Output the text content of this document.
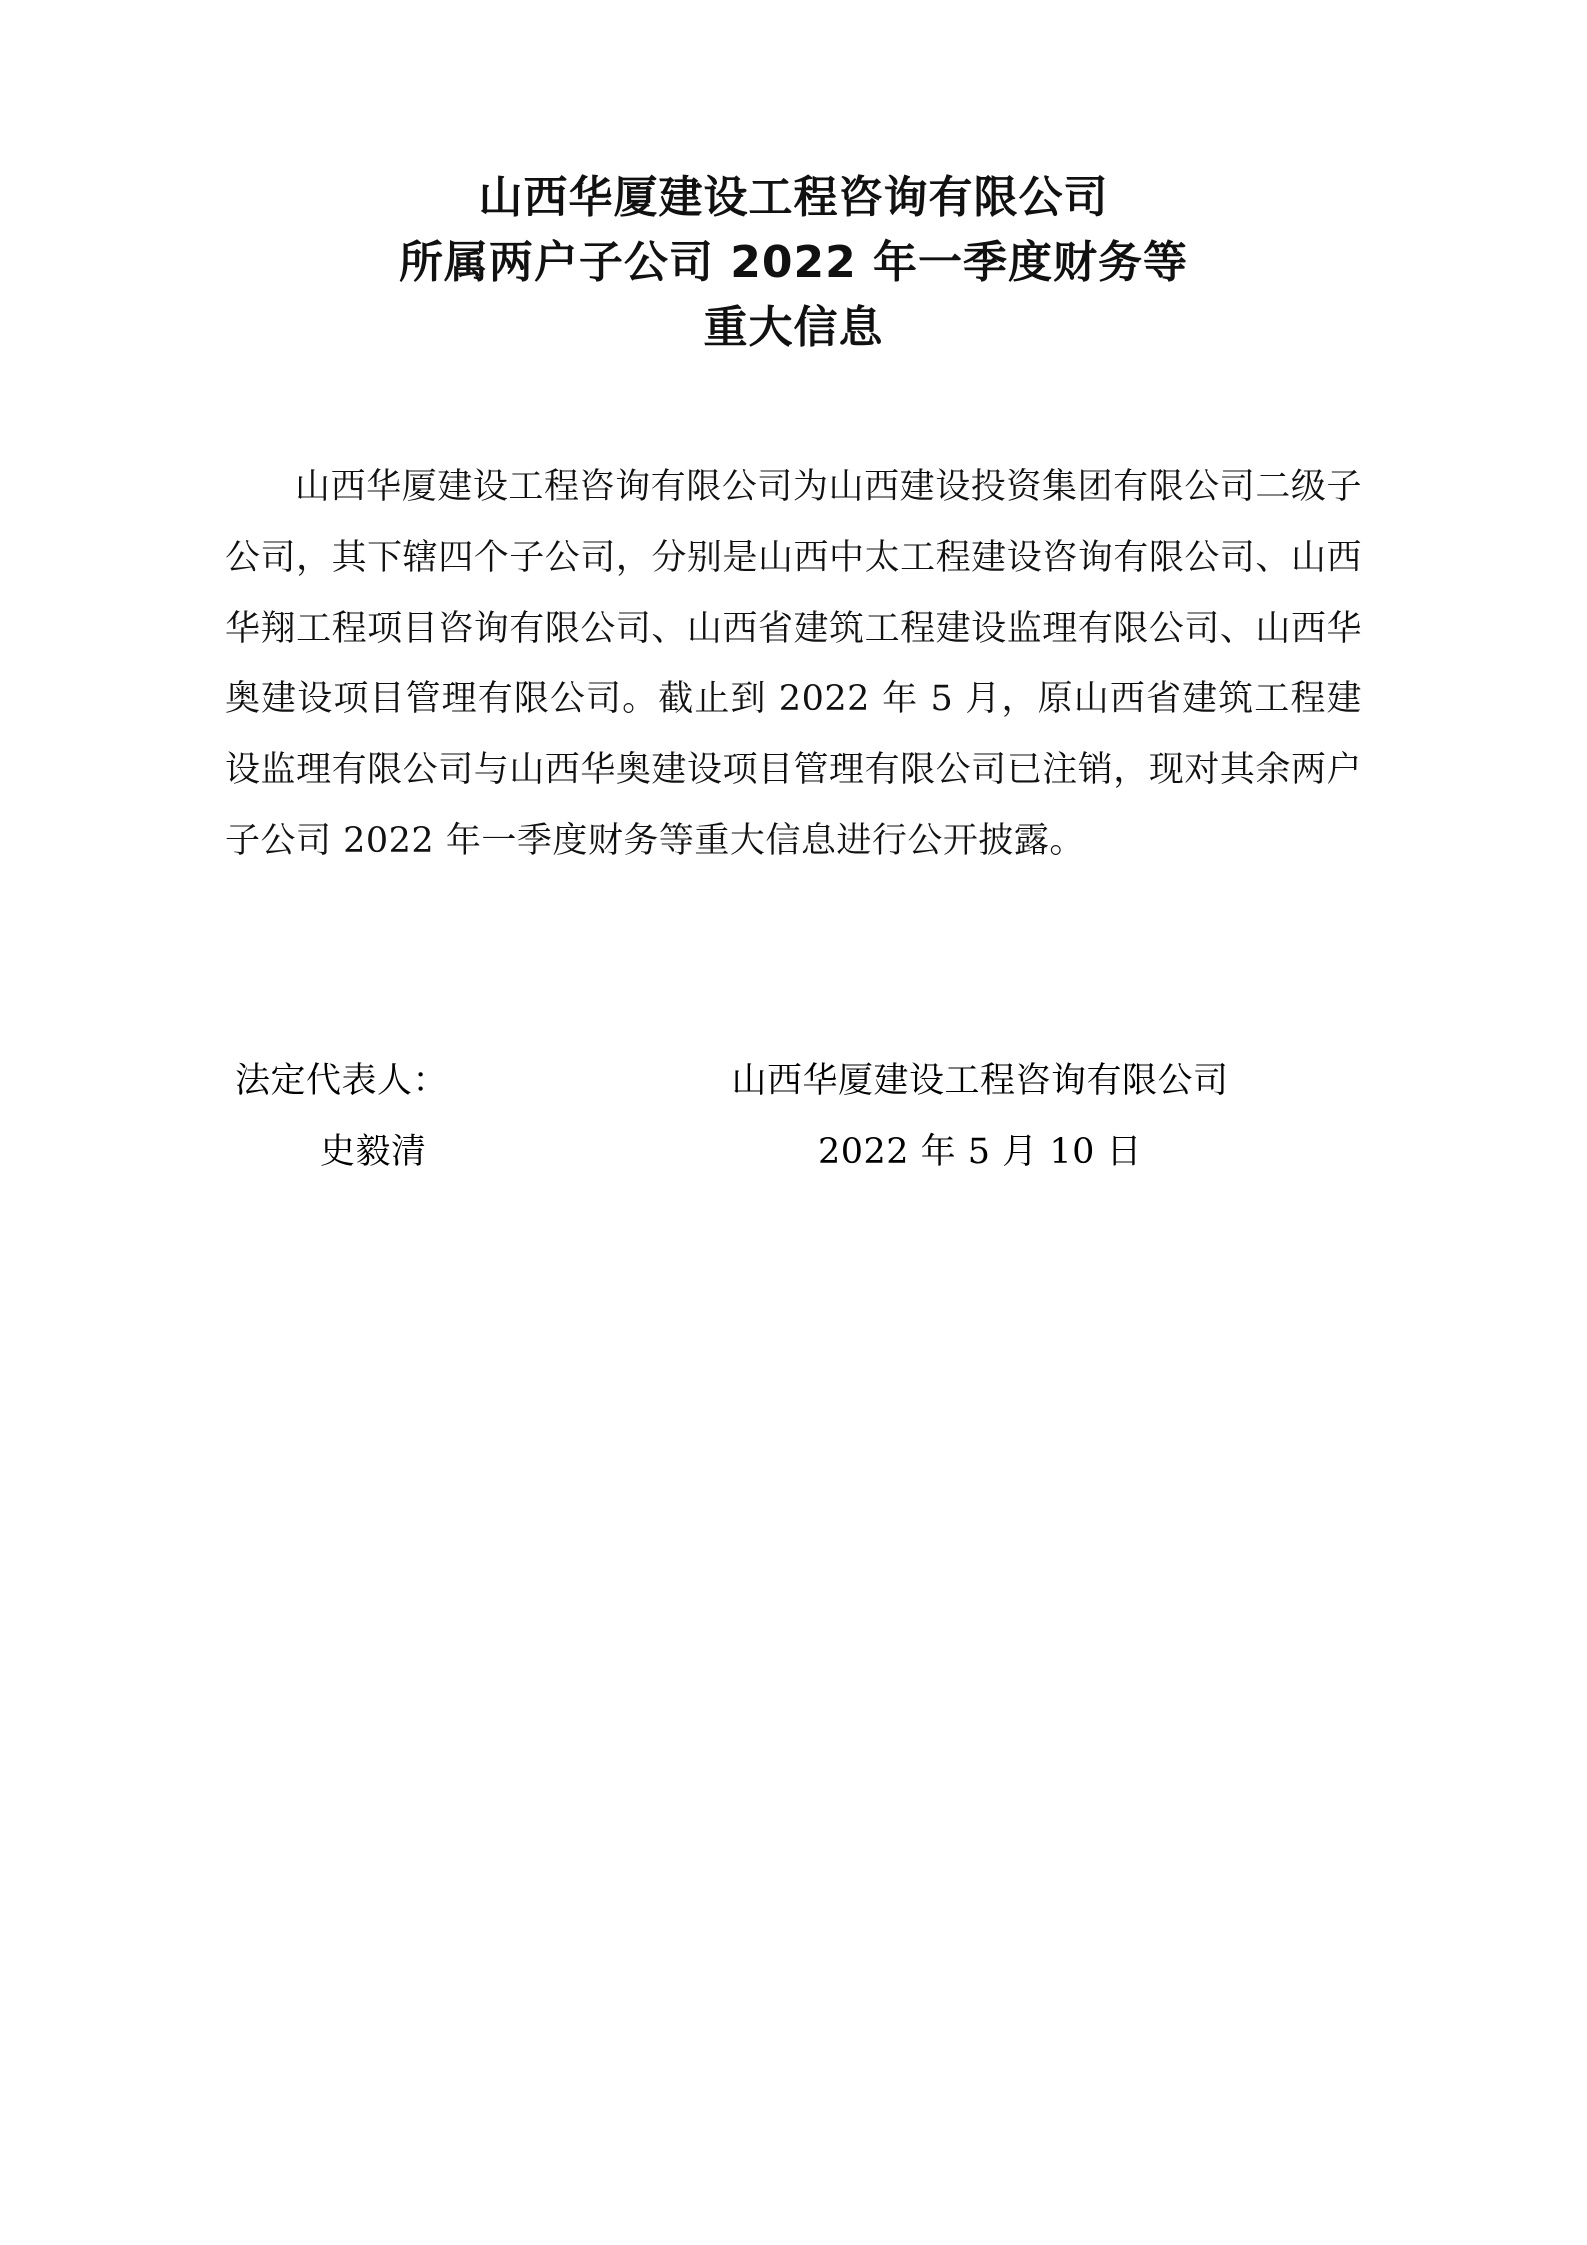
山西华厦建设工程咨询有限公司
所属两户子公司 2022 年一季度财务等
重大信息

山西华厦建设工程咨询有限公司为山西建设投资集团有限公司二级子公司，其下辖四个子公司，分别是山西中太工程建设咨询有限公司、山西华翔工程项目咨询有限公司、山西省建筑工程建设监理有限公司、山西华奥建设项目管理有限公司。截止到 2022 年 5 月，原山西省建筑工程建设监理有限公司与山西华奥建设项目管理有限公司已注销，现对其余两户子公司 2022 年一季度财务等重大信息进行公开披露。

法定代表人：
史毅清
山西华厦建设工程咨询有限公司
2022 年 5 月 10 日
